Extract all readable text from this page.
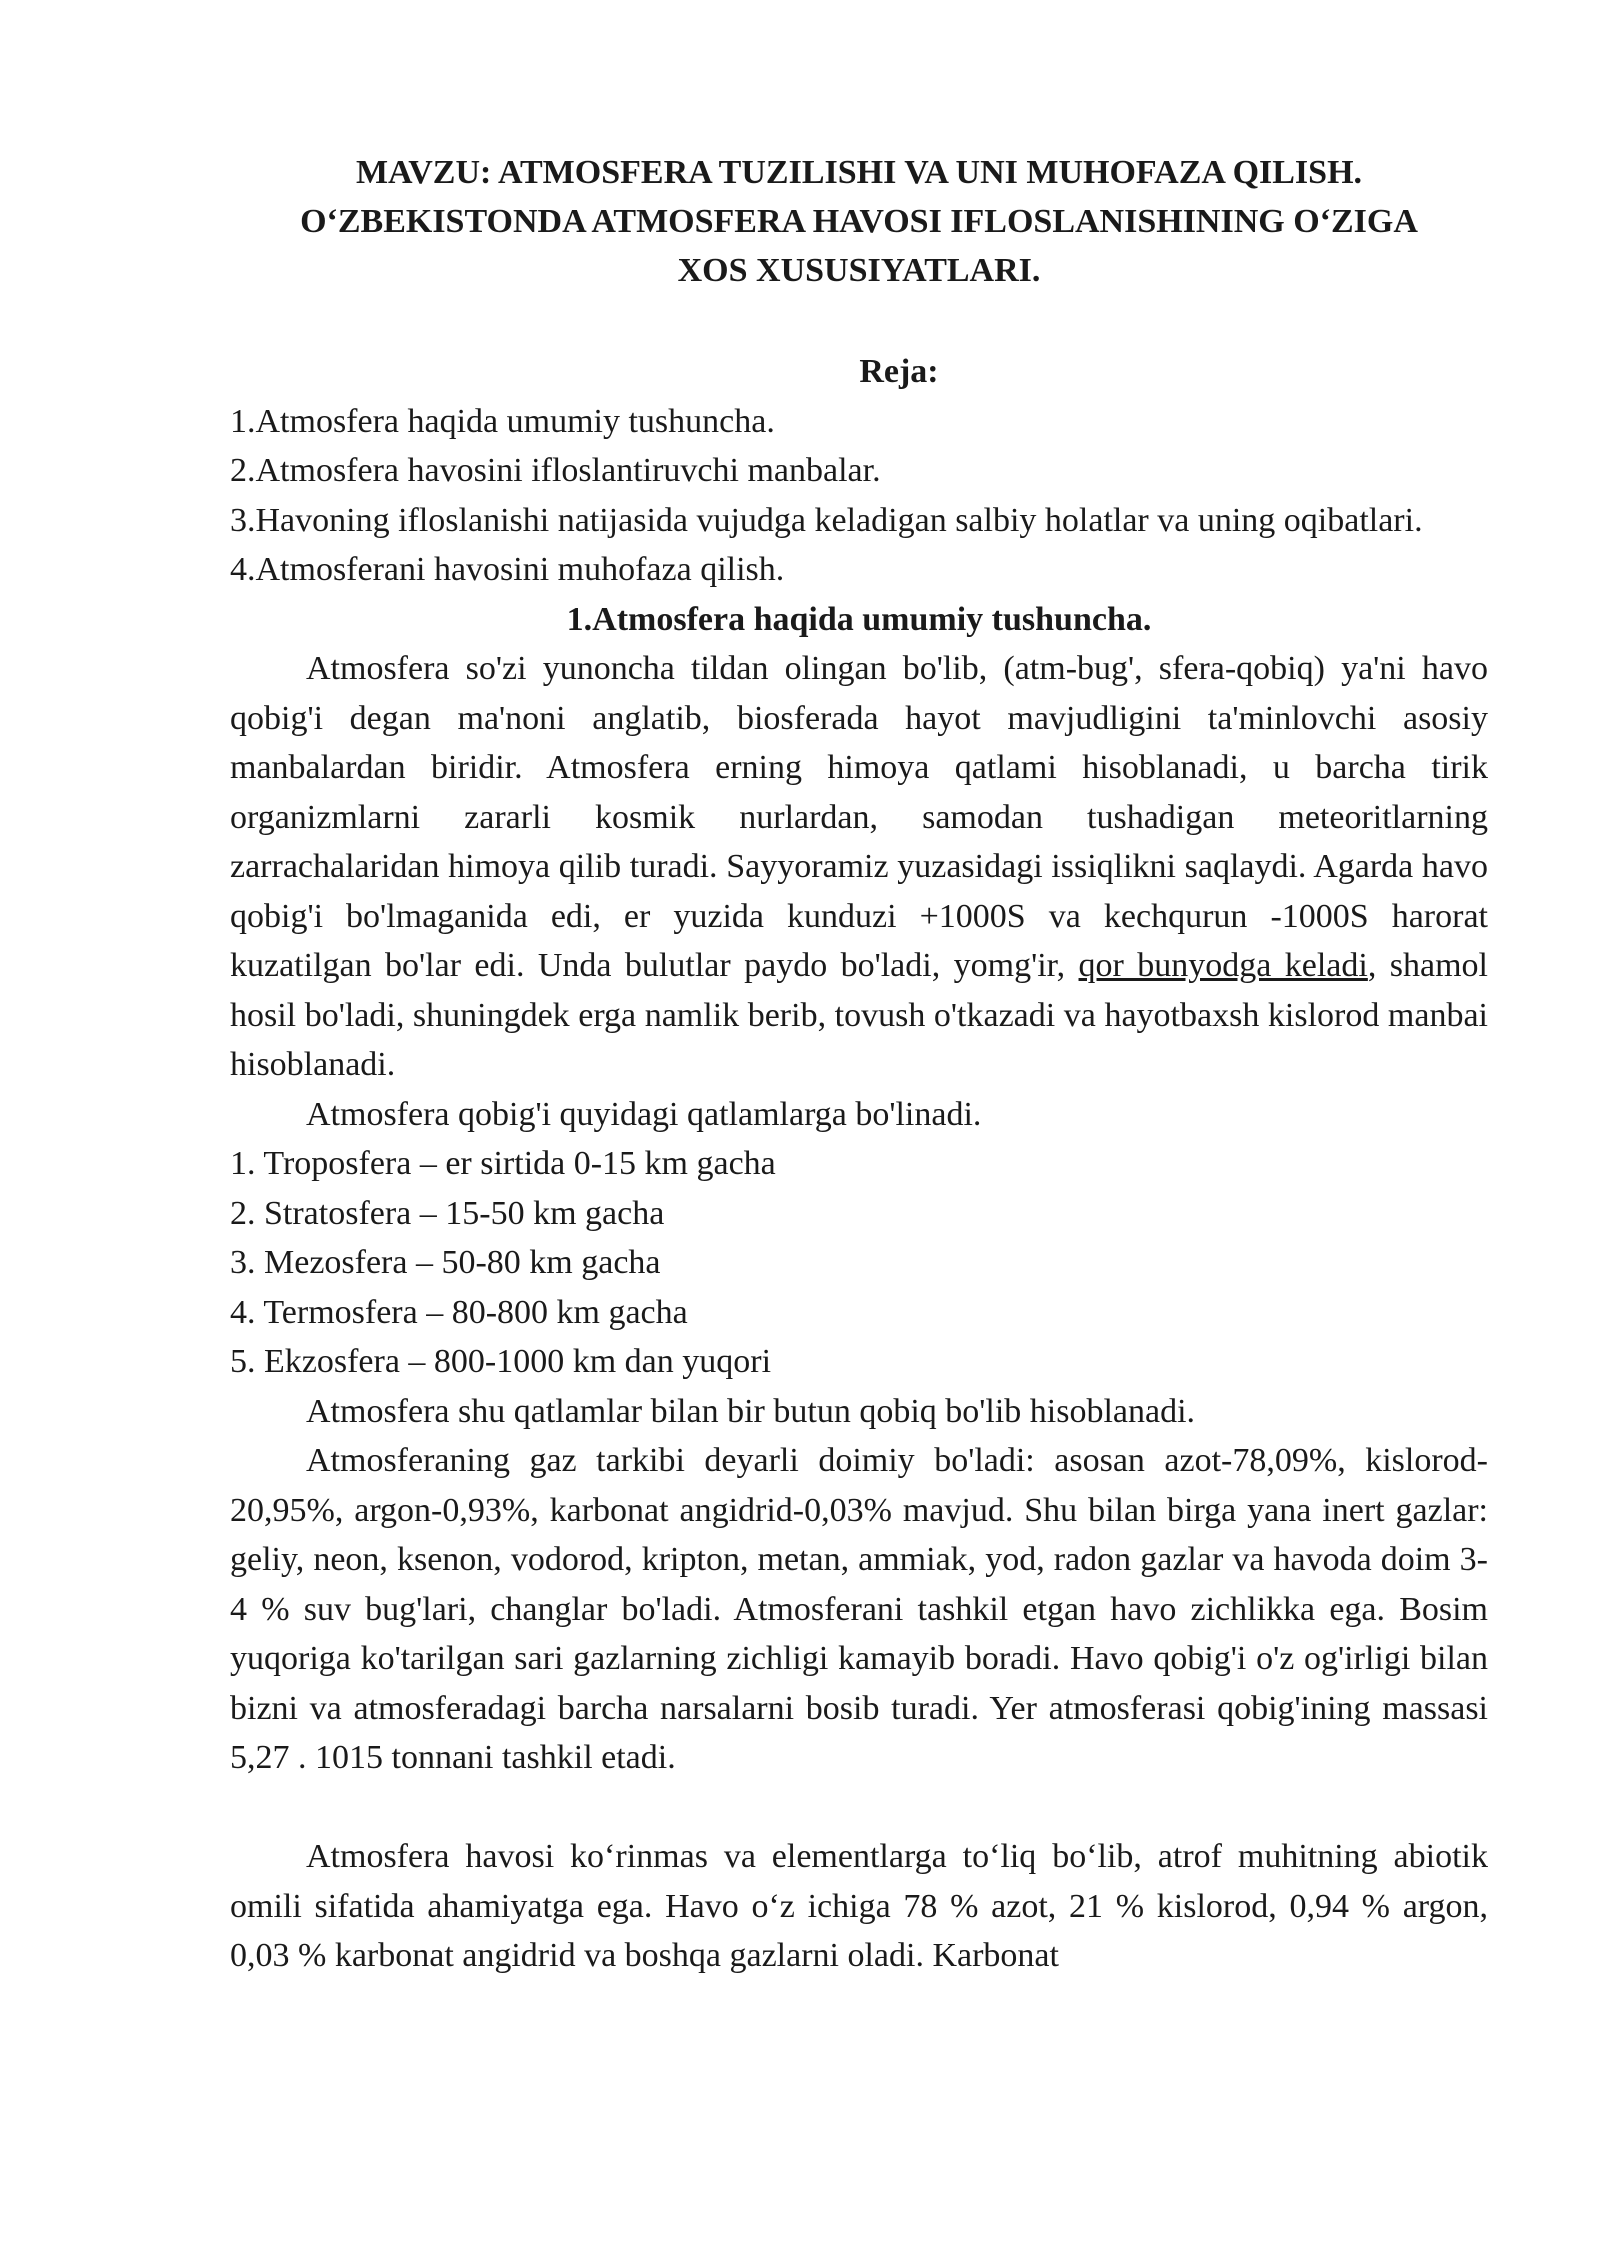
MAVZU: ATMOSFERA TUZILISHI VA UNI MUHOFAZA QILISH.
O‘ZBEKISTONDA ATMOSFERA HAVOSI IFLOSLANISHINING O‘ZIGA
XOS XUSUSIYATLARI.

Reja:

1.Atmosfera haqida umumiy tushuncha.

2.Atmosfera havosini ifloslantiruvchi manbalar.

3.Havoning ifloslanishi natijasida vujudga keladigan salbiy holatlar va uning oqibatlari.

4.Atmosferani havosini muhofaza qilish.

1.Atmosfera haqida umumiy tushuncha.

Atmosfera so'zi yunoncha tildan olingan bo'lib, (atm-bug', sfera-qobiq) ya'ni havo qobig'i degan ma'noni anglatib, biosferada hayot mavjudligini ta'minlovchi asosiy manbalardan biridir. Atmosfera erning himoya qatlami hisoblanadi, u barcha tirik organizmlarni zararli kosmik nurlardan, samodan tushadigan meteoritlarning zarrachalaridan himoya qilib turadi. Sayyoramiz yuzasidagi issiqlikni saqlaydi. Agarda havo qobig'i bo'lmaganida edi, er yuzida kunduzi +1000S va kechqurun -1000S harorat kuzatilgan bo'lar edi. Unda bulutlar paydo bo'ladi, yomg'ir, qor bunyodga keladi, shamol hosil bo'ladi, shuningdek erga namlik berib, tovush o'tkazadi va hayotbaxsh kislorod manbai hisoblanadi.

Atmosfera qobig'i quyidagi qatlamlarga bo'linadi.

1. Troposfera – er sirtida 0-15 km gacha

2. Stratosfera – 15-50 km gacha

3. Mezosfera – 50-80 km gacha

4. Termosfera – 80-800 km gacha

5. Ekzosfera – 800-1000 km dan yuqori

Atmosfera shu qatlamlar bilan bir butun qobiq bo'lib hisoblanadi.

Atmosferaning gaz tarkibi deyarli doimiy bo'ladi: asosan azot-78,09%, kislorod-20,95%, argon-0,93%, karbonat angidrid-0,03% mavjud. Shu bilan birga yana inert gazlar: geliy, neon, ksenon, vodorod, kripton, metan, ammiak, yod, radon gazlar va havoda doim 3-4 % suv bug'lari, changlar bo'ladi. Atmosferani tashkil etgan havo zichlikka ega. Bosim yuqoriga ko'tarilgan sari gazlarning zichligi kamayib boradi. Havo qobig'i o'z og'irligi bilan bizni va atmosferadagi barcha narsalarni bosib turadi. Yer atmosferasi qobig'ining massasi 5,27 . 1015 tonnani tashkil etadi.

Atmosfera havosi ko‘rinmas va elementlarga to‘liq bo‘lib, atrof muhitning abiotik omili sifatida ahamiyatga ega. Havo o‘z ichiga 78 % azot, 21 % kislorod, 0,94 % argon, 0,03 % karbonat angidrid va boshqa gazlarni oladi. Karbonat
